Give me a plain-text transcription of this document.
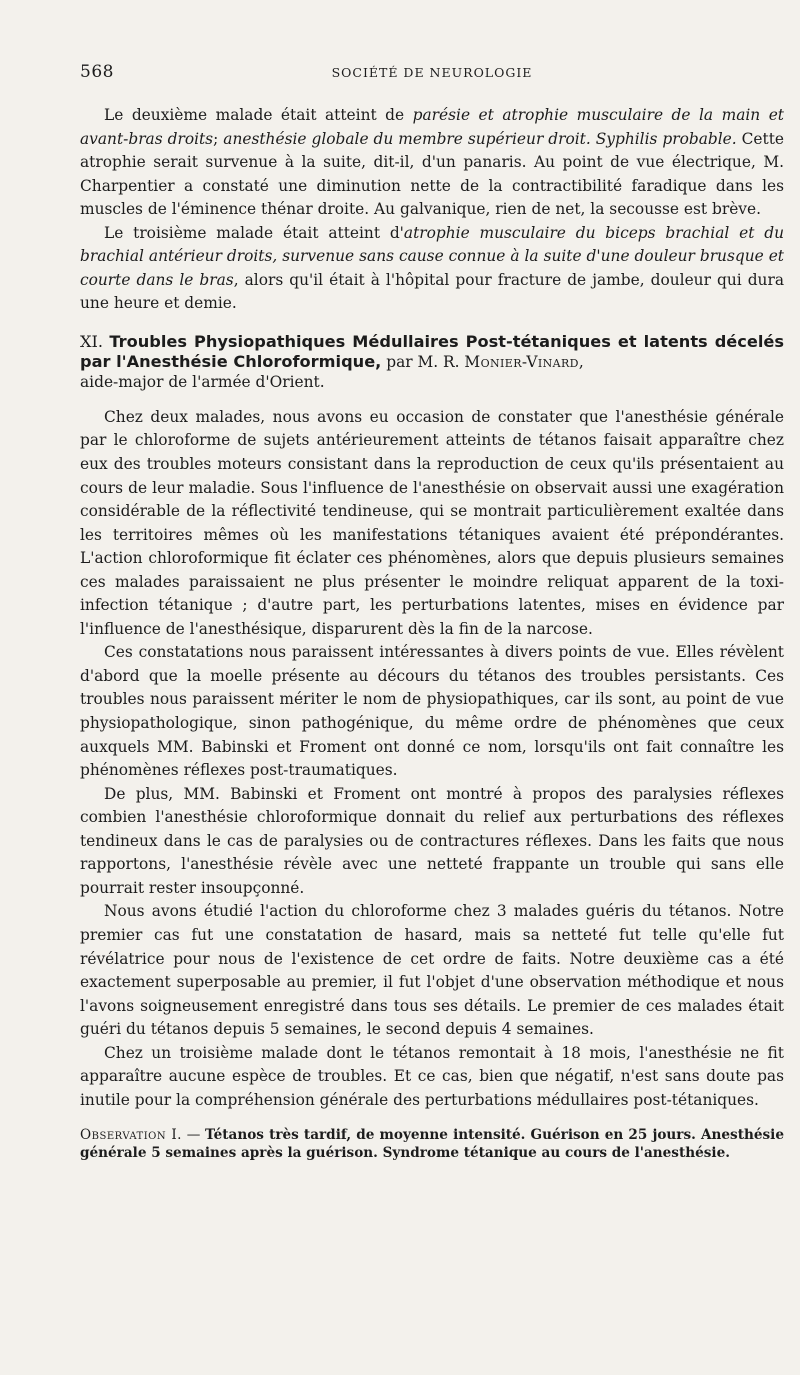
568	SOCIÉTÉ DE NEUROLOGIE

Le deuxième malade était atteint de parésie et atrophie musculaire de la main et avant-bras droits; anesthésie globale du membre supérieur droit. Syphilis probable. Cette atrophie serait survenue à la suite, dit-il, d'un panaris. Au point de vue électrique, M. Charpentier a constaté une diminution nette de la contractibilité faradique dans les muscles de l'éminence thénar droite. Au galvanique, rien de net, la secousse est brève.

Le troisième malade était atteint d'atrophie musculaire du biceps brachial et du brachial antérieur droits, survenue sans cause connue à la suite d'une douleur brusque et courte dans le bras, alors qu'il était à l'hôpital pour fracture de jambe, douleur qui dura une heure et demie.

XI. Troubles Physiopathiques Médullaires Post-tétaniques et latents décelés par l'Anesthésie Chloroformique, par M. R. Monier-Vinard,
aide-major de l'armée d'Orient.

Chez deux malades, nous avons eu occasion de constater que l'anesthésie générale par le chloroforme de sujets antérieurement atteints de tétanos faisait apparaître chez eux des troubles moteurs consistant dans la reproduction de ceux qu'ils présentaient au cours de leur maladie. Sous l'influence de l'anesthésie on observait aussi une exagération considérable de la réflectivité tendineuse, qui se montrait particulièrement exaltée dans les territoires mêmes où les manifestations tétaniques avaient été prépondérantes. L'action chloroformique fit éclater ces phénomènes, alors que depuis plusieurs semaines ces malades paraissaient ne plus présenter le moindre reliquat apparent de la toxi-infection tétanique ; d'autre part, les perturbations latentes, mises en évidence par l'influence de l'anesthésique, disparurent dès la fin de la narcose.

Ces constatations nous paraissent intéressantes à divers points de vue. Elles révèlent d'abord que la moelle présente au décours du tétanos des troubles persistants. Ces troubles nous paraissent mériter le nom de physiopathiques, car ils sont, au point de vue physiopathologique, sinon pathogénique, du même ordre de phénomènes que ceux auxquels MM. Babinski et Froment ont donné ce nom, lorsqu'ils ont fait connaître les phénomènes réflexes post-traumatiques.

De plus, MM. Babinski et Froment ont montré à propos des paralysies réflexes combien l'anesthésie chloroformique donnait du relief aux perturbations des réflexes tendineux dans le cas de paralysies ou de contractures réflexes. Dans les faits que nous rapportons, l'anesthésie révèle avec une netteté frappante un trouble qui sans elle pourrait rester insoupçonné.

Nous avons étudié l'action du chloroforme chez 3 malades guéris du tétanos. Notre premier cas fut une constatation de hasard, mais sa netteté fut telle qu'elle fut révélatrice pour nous de l'existence de cet ordre de faits. Notre deuxième cas a été exactement superposable au premier, il fut l'objet d'une observation méthodique et nous l'avons soigneusement enregistré dans tous ses détails. Le premier de ces malades était guéri du tétanos depuis 5 semaines, le second depuis 4 semaines.

Chez un troisième malade dont le tétanos remontait à 18 mois, l'anesthésie ne fit apparaître aucune espèce de troubles. Et ce cas, bien que négatif, n'est sans doute pas inutile pour la compréhension générale des perturbations médullaires post-tétaniques.

Observation I. — Tétanos très tardif, de moyenne intensité. Guérison en 25 jours. Anesthésie générale 5 semaines après la guérison. Syndrome tétanique au cours de l'anesthésie.
